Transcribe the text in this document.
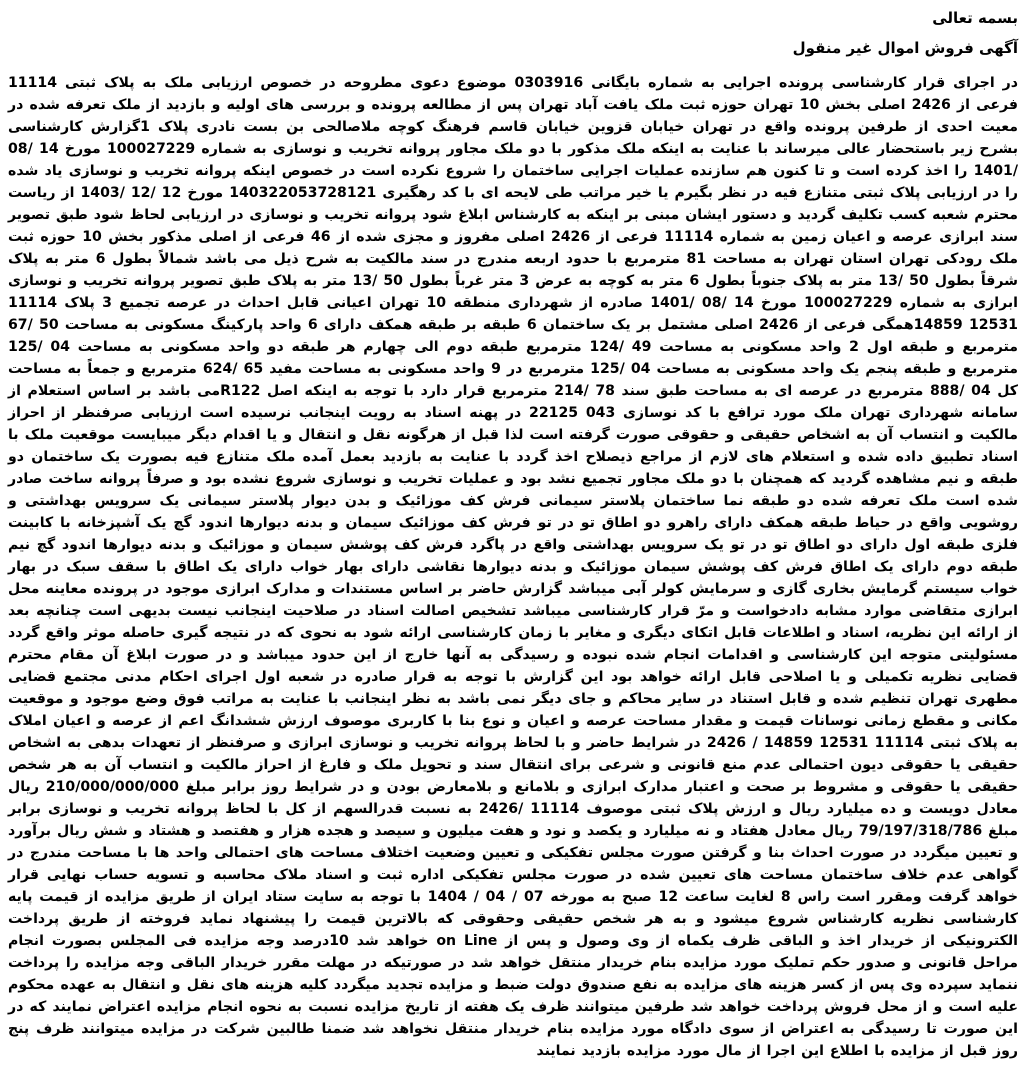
بسمه تعالی
آگهی فروش اموال غیر منقول

در اجرای قرار کارشناسی پرونده اجرایی به شماره بایگانی 0303916 موضوع دعوی مطروحه در خصوص ارزیابی ملک به پلاک ثبتی 11114 فرعی از 2426 اصلی بخش 10 تهران حوزه ثبت ملک یافت آباد تهران پس از مطالعه پرونده و بررسی های اولیه و بازدید از ملک تعرفه شده در معیت احدی از طرفین پرونده واقع در تهران خیابان قزوین خیابان قاسم فرهنگ کوچه ملاصالحی بن بست نادری پلاک 1گزارش کارشناسی بشرح زیر باستحضار عالی میرساند با عنایت به اینکه ملک مذکور با دو ملک مجاور پروانه تخریب و نوسازی به شماره 100027229 مورخ 14 /08 /1401 را اخذ کرده است و تا کنون هم سازنده عملیات اجرایی ساختمان را شروع نکرده است در خصوص اینکه پروانه تخریب و نوسازی یاد شده را در ارزیابی پلاک ثبتی متنازع فیه در نظر بگیرم یا خیر مراتب طی لایحه ای با کد رهگیری 140322053728121 مورخ 12 /12 /1403 از ریاست محترم شعبه کسب تکلیف گردید و دستور ایشان مبنی بر اینکه به کارشناس ابلاغ شود پروانه تخریب و نوسازی در ارزیابی لحاظ شود طبق تصویر سند ابرازی عرصه و اعیان زمین به شماره 11114 فرعی از 2426 اصلی مفروز و مجزی شده از 46 فرعی از اصلی مذکور بخش 10 حوزه ثبت ملک رودکی تهران استان تهران به مساحت 81 مترمربع با حدود اربعه مندرج در سند مالکیت به شرح ذیل می باشد شمالاً بطول 6 متر به پلاک شرقاً بطول 50 /13 متر به پلاک جنوباً بطول 6 متر به کوچه به عرض 3 متر غرباً بطول 50 /13 متر به پلاک طبق تصویر پروانه تخریب و نوسازی ابرازی به شماره 100027229 مورخ 14 /08 /1401 صادره از شهرداری منطقه 10 تهران اعیانی قابل احداث در عرصه تجمیع 3 پلاک 11114 12531 14859همگی فرعی از 2426 اصلی مشتمل بر یک ساختمان 6 طبقه بر طبقه همکف دارای 6 واحد پارکینگ مسکونی به مساحت 50 /67 مترمربع و طبقه اول 2 واحد مسکونی به مساحت 49 /124 مترمربع طبقه دوم الی چهارم هر طبقه دو واحد مسکونی به مساحت 04 /125 مترمربع و طبقه پنجم یک واحد مسکونی به مساحت 04 /125 مترمربع در 9 واحد مسکونی به مساحت مفید 65 /624 مترمربع و جمعاً به مساحت کل 04 /888 مترمربع در عرصه ای به مساحت طبق سند 78 /214 مترمربع قرار دارد با توجه به اینکه اصل R122می باشد بر اساس استعلام از سامانه شهرداری تهران ملک مورد ترافع با کد نوسازی 043 22125 در پهنه اسناد به رویت اینجانب نرسیده است ارزیابی صرفنظر از احراز مالکیت و انتساب آن به اشخاص حقیقی و حقوقی صورت گرفته است لذا قبل از هرگونه نقل و انتقال و یا اقدام دیگر میبایست موقعیت ملک با اسناد تطبیق داده شده و استعلام های لازم از مراجع ذیصلاح اخذ گردد با عنایت به بازدید بعمل آمده ملک متنازع فیه بصورت یک ساختمان دو طبقه و نیم مشاهده گردید که همچنان با دو ملک مجاور تجمیع نشد بود و عملیات تخریب و نوسازی شروع نشده بود و صرفاً پروانه ساخت صادر شده است ملک تعرفه شده دو طبقه نما ساختمان پلاستر سیمانی فرش کف موزائیک و بدن دیوار پلاستر سیمانی یک سرویس بهداشتی و روشویی واقع در حیاط طبقه همکف دارای راهرو دو اطاق تو در تو فرش کف موزائیک سیمان و بدنه دیوارها اندود گچ یک آشپزخانه با کابینت فلزی طبقه اول دارای دو اطاق تو در تو یک سرویس بهداشتی واقع در پاگرد فرش کف پوشش سیمان و موزائیک و بدنه دیوارها اندود گچ نیم طبقه دوم دارای یک اطاق فرش کف پوشش سیمان موزائیک و بدنه دیوارها نقاشی دارای بهار خواب دارای یک اطاق با سقف سبک در بهار خواب سیستم گرمایش بخاری گازی و سرمایش کولر آبی میباشد گزارش حاضر بر اساس مستندات و مدارک ابرازی موجود در پرونده معاینه محل ابرازی متقاضی موارد مشابه دادخواست و مرّ قرار کارشناسی میباشد تشخیص اصالت اسناد در صلاحیت اینجانب نیست بدیهی است چنانچه بعد از ارائه این نظریه، اسناد و اطلاعات قابل اتکای دیگری و مغایر با زمان کارشناسی ارائه شود به نحوی که در نتیجه گیری حاصله موثر واقع گردد مسئولیتی متوجه این کارشناسی و اقدامات انجام شده نبوده و رسیدگی به آنها خارج از این حدود میباشد و در صورت ابلاغ آن مقام محترم قضایی نظریه تکمیلی و یا اصلاحی قابل ارائه خواهد بود این گزارش با توجه به قرار صادره در شعبه اول اجرای احکام مدنی مجتمع قضایی مطهری تهران تنظیم شده و قابل استناد در سایر محاکم و جای دیگر نمی باشد به نظر اینجانب با عنایت به مراتب فوق وضع موجود و موقعیت مکانی و مقطع زمانی نوسانات قیمت و مقدار مساحت عرصه و اعیان و نوع بنا با کاربری موصوف ارزش ششدانگ اعم از عرصه و اعیان املاک به پلاک ثبتی 11114 12531 14859 / 2426 در شرایط حاضر و با لحاظ پروانه تخریب و نوسازی ابرازی و صرفنظر از تعهدات بدهی به اشخاص حقیقی یا حقوقی دیون احتمالی عدم منع قانونی و شرعی برای انتقال سند و تحویل ملک و فارغ از احراز مالکیت و انتساب آن به هر شخص حقیقی یا حقوقی و مشروط بر صحت و اعتبار مدارک ابرازی و بلامانع و بلامعارض بودن و در شرایط روز برابر مبلغ 210/000/000/000 ریال معادل دویست و ده میلیارد ریال و ارزش پلاک ثبتی موصوف 11114 /2426 به نسبت قدرالسهم از کل با لحاظ پروانه تخریب و نوسازی برابر مبلغ 79/197/318/786 ریال معادل هفتاد و نه میلیارد و یکصد و نود و هفت میلیون و سیصد و هجده هزار و هفتصد و هشتاد و شش ریال برآورد و تعیین میگردد در صورت احداث بنا و گرفتن صورت مجلس تفکیکی و تعیین وضعیت اختلاف مساحت های احتمالی واحد ها با مساحت مندرج در گواهی عدم خلاف ساختمان مساحت های تعیین شده در صورت مجلس تفکیکی اداره ثبت و اسناد ملاک محاسبه و تسویه حساب نهایی قرار خواهد گرفت ومقرر است راس 8 لغایت ساعت 12 صبح به مورخه 07 / 04 / 1404 با توجه به سایت ستاد ایران از طریق مزایده از قیمت پایه کارشناسی نظریه کارشناس شروع میشود و به هر شخص حقیقی وحقوقی که بالاترین قیمت را پیشنهاد نماید فروخته از طریق پرداخت الکترونیکی از خریدار اخذ و الباقی ظرف یکماه از وی وصول و پس از on Line خواهد شد 10درصد وجه مزایده فی المجلس بصورت انجام مراحل قانونی و صدور حکم تملیک مورد مزایده بنام خریدار منتقل خواهد شد در صورتیکه در مهلت مقرر خریدار الباقی وجه مزایده را پرداخت ننماید سپرده وی پس از کسر هزینه های مزایده به نفع صندوق دولت ضبط و مزایده تجدید میگردد کلیه هزینه های نقل و انتقال به عهده محکوم علیه است و از محل فروش پرداخت خواهد شد طرفین میتوانند ظرف یک هفته از تاریخ مزایده نسبت به نحوه انجام مزایده اعتراض نمایند که در این صورت تا رسیدگی به اعتراض از سوی دادگاه مورد مزایده بنام خریدار منتقل نخواهد شد ضمنا طالبین شرکت در مزایده میتوانند ظرف پنج روز قبل از مزایده با اطلاع این اجرا از مال مورد مزایده بازدید نمایند
